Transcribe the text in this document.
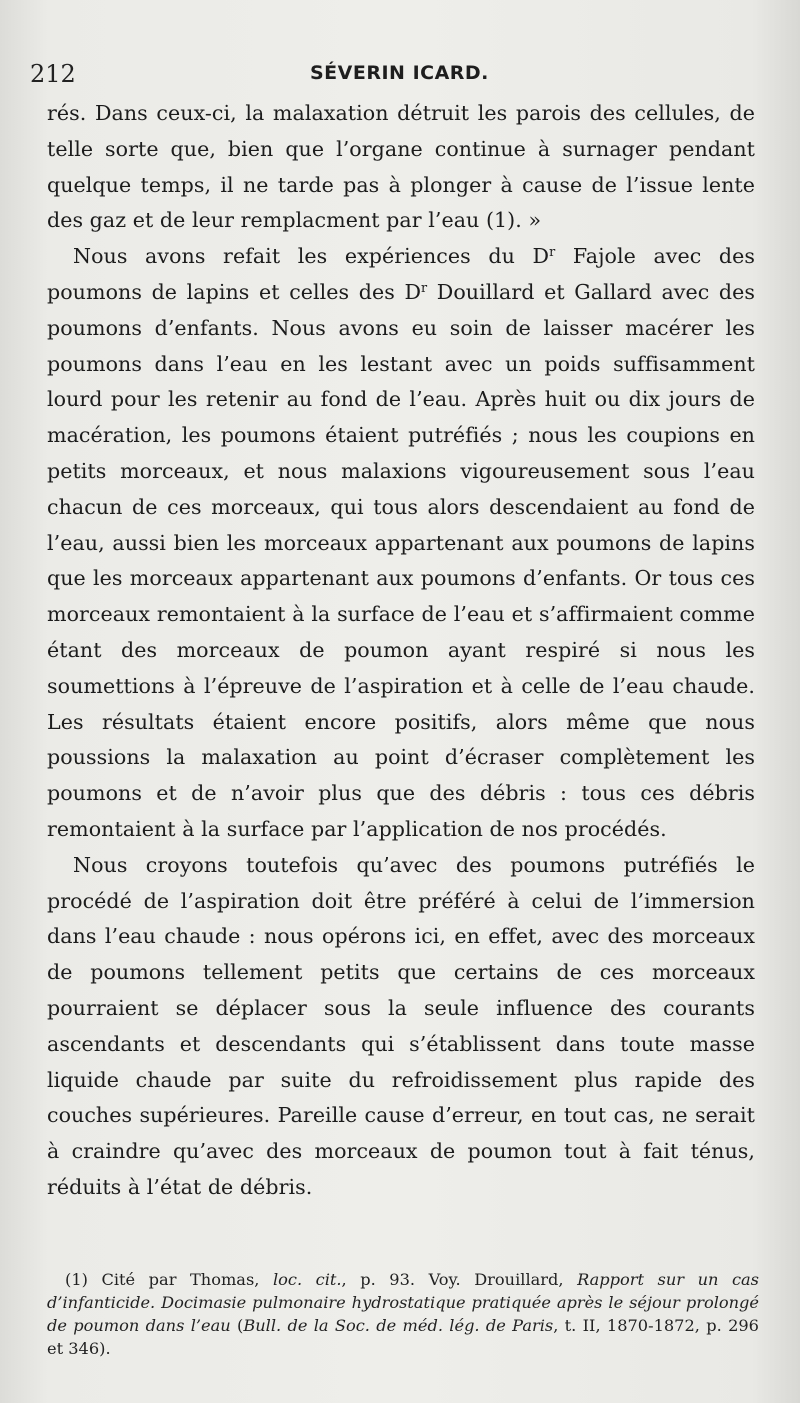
212	SÉVERIN ICARD.

rés. Dans ceux-ci, la malaxation détruit les parois des cellules, de telle sorte que, bien que l’organe continue à surnager pendant quelque temps, il ne tarde pas à plonger à cause de l’issue lente des gaz et de leur remplacment par l’eau (1). »

Nous avons refait les expériences du $D^r$ Fajole avec des poumons de lapins et celles des $D^r$ Douillard et Gallard avec des poumons d’enfants. Nous avons eu soin de laisser macérer les poumons dans l’eau en les lestant avec un poids suffisamment lourd pour les retenir au fond de l’eau. Après huit ou dix jours de macération, les poumons étaient putréfiés ; nous les coupions en petits morceaux, et nous malaxions vigoureusement sous l’eau chacun de ces morceaux, qui tous alors descendaient au fond de l’eau, aussi bien les morceaux appartenant aux poumons de lapins que les morceaux appartenant aux poumons d’enfants. Or tous ces morceaux remontaient à la surface de l’eau et s’affirmaient comme étant des morceaux de poumon ayant respiré si nous les soumettions à l’épreuve de l’aspiration et à celle de l’eau chaude. Les résultats étaient encore positifs, alors même que nous poussions la malaxation au point d’écraser complètement les poumons et de n’avoir plus que des débris : tous ces débris remontaient à la surface par l’application de nos procédés.

Nous croyons toutefois qu’avec des poumons putréfiés le procédé de l’aspiration doit être préféré à celui de l’immersion dans l’eau chaude : nous opérons ici, en effet, avec des morceaux de poumons tellement petits que certains de ces morceaux pourraient se déplacer sous la seule influence des courants ascendants et descendants qui s’établissent dans toute masse liquide chaude par suite du refroidissement plus rapide des couches supérieures. Pareille cause d’erreur, en tout cas, ne serait à craindre qu’avec des morceaux de poumon tout à fait ténus, réduits à l’état de débris.

(1) Cité par Thomas, loc. cit., p. 93. Voy. Drouillard, Rapport sur un cas d’infanticide. Docimasie pulmonaire hydrostatique pratiquée après le séjour prolongé de poumon dans l’eau (Bull. de la Soc. de méd. lég. de Paris, t. II, 1870-1872, p. 296 et 346).
